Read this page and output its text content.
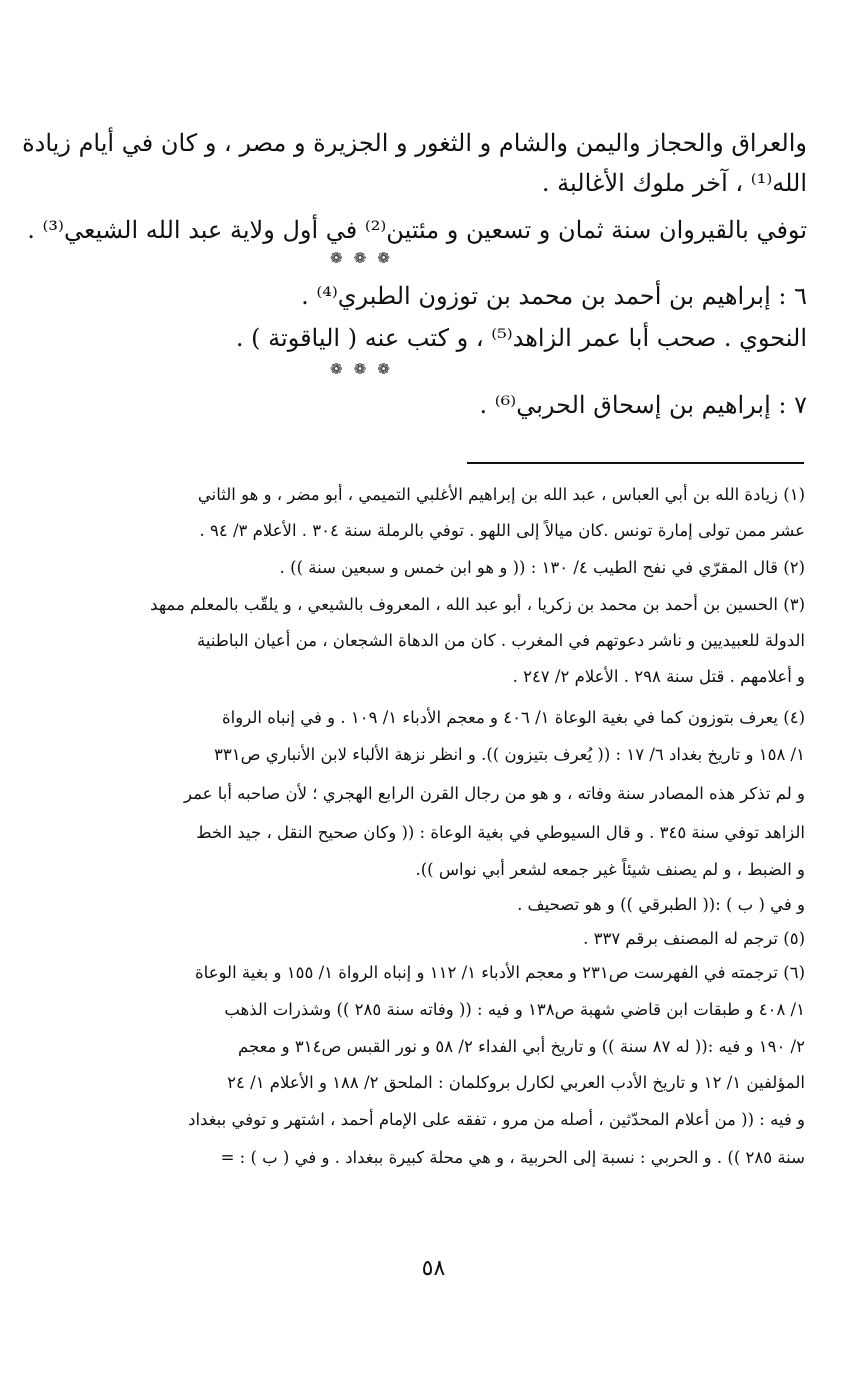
والعراق والحجاز واليمن والشام و الثغور و الجزيرة و مصر ، و كان في أيام زيادة
الله⁽¹⁾ ، آخر ملوك الأغالبة .
توفي بالقيروان سنة ثمان و تسعين و مئتين⁽²⁾ في أول ولاية عبد الله الشيعي⁽³⁾ .
❁ ❁ ❁
٦ : إبراهيم بن أحمد بن محمد بن توزون الطبري⁽⁴⁾ .
النحوي . صحب أبا عمر الزاهد⁽⁵⁾ ، و كتب عنه ( الياقوتة ) .
❁ ❁ ❁
٧ : إبراهيم بن إسحاق الحربي⁽⁶⁾ .
(١) زيادة الله بن أبي العباس ، عبد الله بن إبراهيم الأغلبي التميمي ، أبو مضر ، و هو الثاني
عشر ممن تولى إمارة تونس .كان ميالاً إلى اللهو . توفي بالرملة سنة ٣٠٤ . الأعلام ٣/ ٩٤ .
(٢) قال المقرّي في نفح الطيب ٤/ ١٣٠ : (( و هو ابن خمس و سبعين سنة )) .
(٣) الحسين بن أحمد بن محمد بن زكريا ، أبو عبد الله ، المعروف بالشيعي ، و يلقّب بالمعلم ممهد
الدولة للعبيديين و ناشر دعوتهم في المغرب . كان من الدهاة الشجعان ، من أعيان الباطنية
و أعلامهم . قتل سنة ٢٩٨ . الأعلام ٢/ ٢٤٧ .
(٤) يعرف بتوزون كما في بغية الوعاة ١/ ٤٠٦ و معجم الأدباء ١/ ١٠٩ . و في إنباه الرواة
١/ ١٥٨ و تاريخ بغداد ٦/ ١٧ : (( يُعرف بتيزون )). و انظر نزهة الألباء لابن الأنباري ص٣٣١
و لم تذكر هذه المصادر سنة وفاته ، و هو من رجال القرن الرابع الهجري ؛ لأن صاحبه أبا عمر
الزاهد توفي سنة ٣٤٥ . و قال السيوطي في بغية الوعاة : (( وكان صحيح النقل ، جيد الخط
و الضبط ، و لم يصنف شيئاً غير جمعه لشعر أبي نواس )).
و في ( ب ) :(( الطبرقي )) و هو تصحيف .
(٥) ترجم له المصنف برقم ٣٣٧ .
(٦) ترجمته في الفهرست ص٢٣١ و معجم الأدباء ١/ ١١٢ و إنباه الرواة ١/ ١٥٥ و بغية الوعاة
١/ ٤٠٨ و طبقات ابن قاضي شهبة ص١٣٨ و فيه : (( وفاته سنة ٢٨٥ )) وشذرات الذهب
٢/ ١٩٠ و فيه :(( له ٨٧ سنة )) و تاريخ أبي الفداء ٢/ ٥٨ و نور القبس ص٣١٤ و معجم
المؤلفين ١/ ١٢ و تاريخ الأدب العربي لكارل بروكلمان : الملحق ٢/ ١٨٨ و الأعلام ١/ ٢٤
و فيه : (( من أعلام المحدّثين ، أصله من مرو ، تفقه على الإمام أحمد ، اشتهر و توفي ببغداد
سنة ٢٨٥ )) . و الحربي : نسبة إلى الحربية ، و هي محلة كبيرة ببغداد . و في ( ب ) : =
٥٨
